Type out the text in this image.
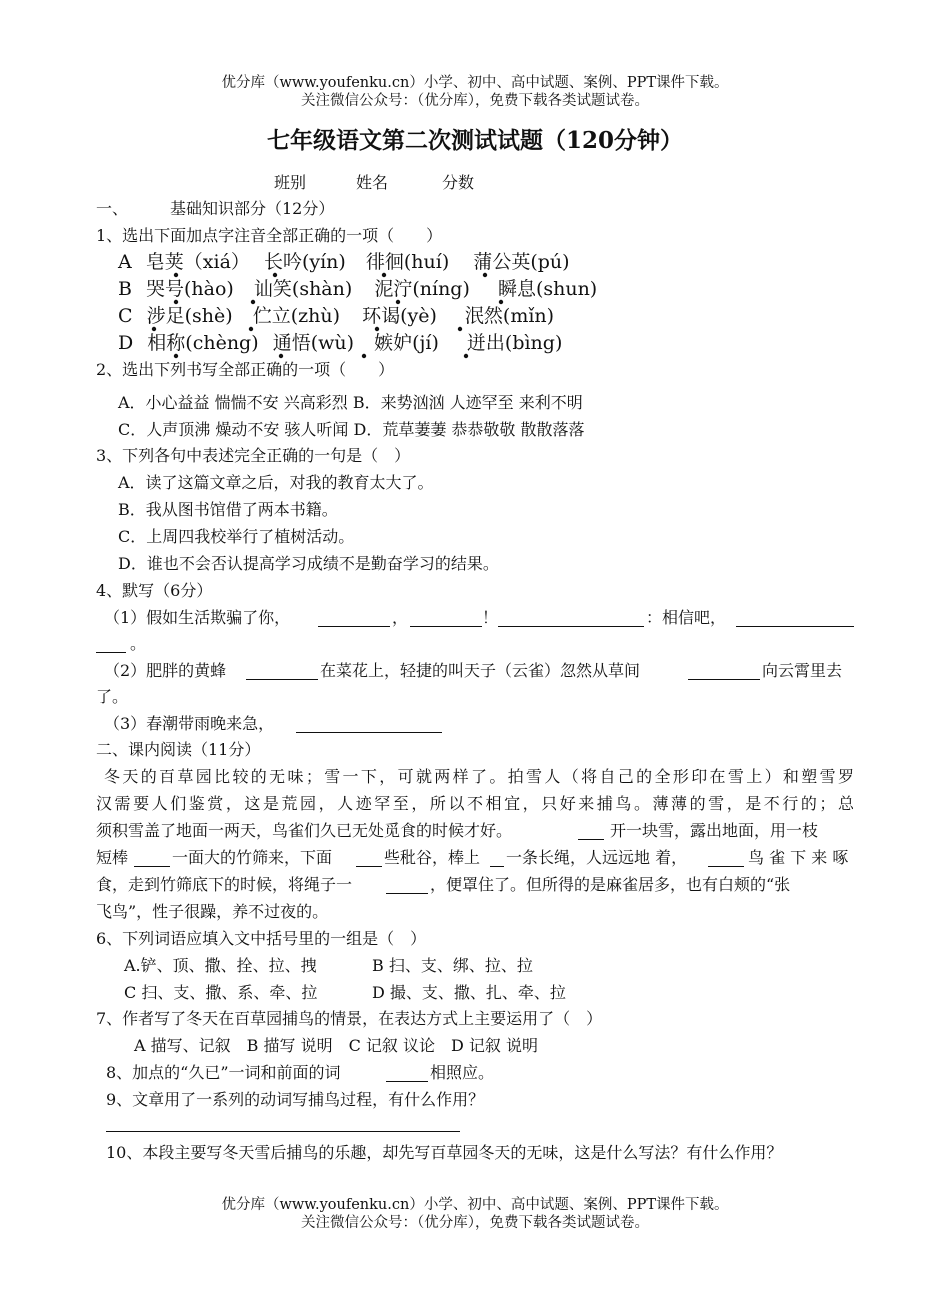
优分库（www.youfenku.cn）小学、初中、高中试题、案例、PPT课件下载。
关注微信公众号：（优分库），免费下载各类试题试卷。
七年级语文第二次测试试题（120分钟）
班别	姓名	分数
一、	基础知识部分（12分）
1、选出下面加点字注音全部正确的一项（　　）
A 皂荚（xiá） 长吟(yín) 徘徊(huí) 蒲公英(pú)
B 哭号(hào) 讪笑(shàn) 泥泞(níng) 瞬息(shun)
C 涉足(shè) 伫立(zhù) 环谒(yè) 泯然(mǐn)
D 相称(chèng) 通悟(wù) 嫉妒(jí) 迸出(bìng)
2、选出下列书写全部正确的一项（　　）
A．小心益益 惴惴不安 兴高彩烈 B．来势汹汹 人迹罕至 来利不明
C．人声顶沸 燥动不安 骇人听闻 D．荒草萋萋 恭恭敬敬 散散落落
3、下列各句中表述完全正确的一句是（　）
A．读了这篇文章之后，对我的教育太大了。
B．我从图书馆借了两本书籍。
C．上周四我校举行了植树活动。
D．谁也不会否认提高学习成绩不是勤奋学习的结果。
4、默写（6分）
（1）假如生活欺骗了你，	，	！	：相信吧，
。
（2）肥胖的黄蜂	在菜花上，轻捷的叫天子（云雀）忽然从草间	向云霄里去
了。
（3）春潮带雨晚来急，
二、课内阅读（11分）
冬天的百草园比较的无味；雪一下，可就两样了。拍雪人（将自己的全形印在雪上）和塑雪罗
汉需要人们鉴赏，这是荒园，人迹罕至，所以不相宜，只好来捕鸟。薄薄的雪，是不行的；总
须积雪盖了地面一两天，鸟雀们久已无处觅食的时候才好。	开一块雪，露出地面，用一枝
短棒	一面大的竹筛来，下面	些秕谷，棒上 一条长绳，人远远地 着，	鸟 雀 下 来 啄
食，走到竹筛底下的时候，将绳子一	，便罩住了。但所得的是麻雀居多，也有白颊的“张
飞鸟”，性子很躁，养不过夜的。
6、下列词语应填入文中括号里的一组是（　）
A.铲、顶、撒、拴、拉、拽	B 扫、支、绑、拉、拉
C 扫、支、撒、系、牵、拉	D 撮、支、撒、扎、牵、拉
7、作者写了冬天在百草园捕鸟的情景，在表达方式上主要运用了（　）
A 描写、记叙　B 描写 说明　C 记叙 议论　D 记叙 说明
8、加点的“久已”一词和前面的词	相照应。
9、文章用了一系列的动词写捕鸟过程，有什么作用？
10、本段主要写冬天雪后捕鸟的乐趣，却先写百草园冬天的无味，这是什么写法？有什么作用？
优分库（www.youfenku.cn）小学、初中、高中试题、案例、PPT课件下载。
关注微信公众号：（优分库），免费下载各类试题试卷。
